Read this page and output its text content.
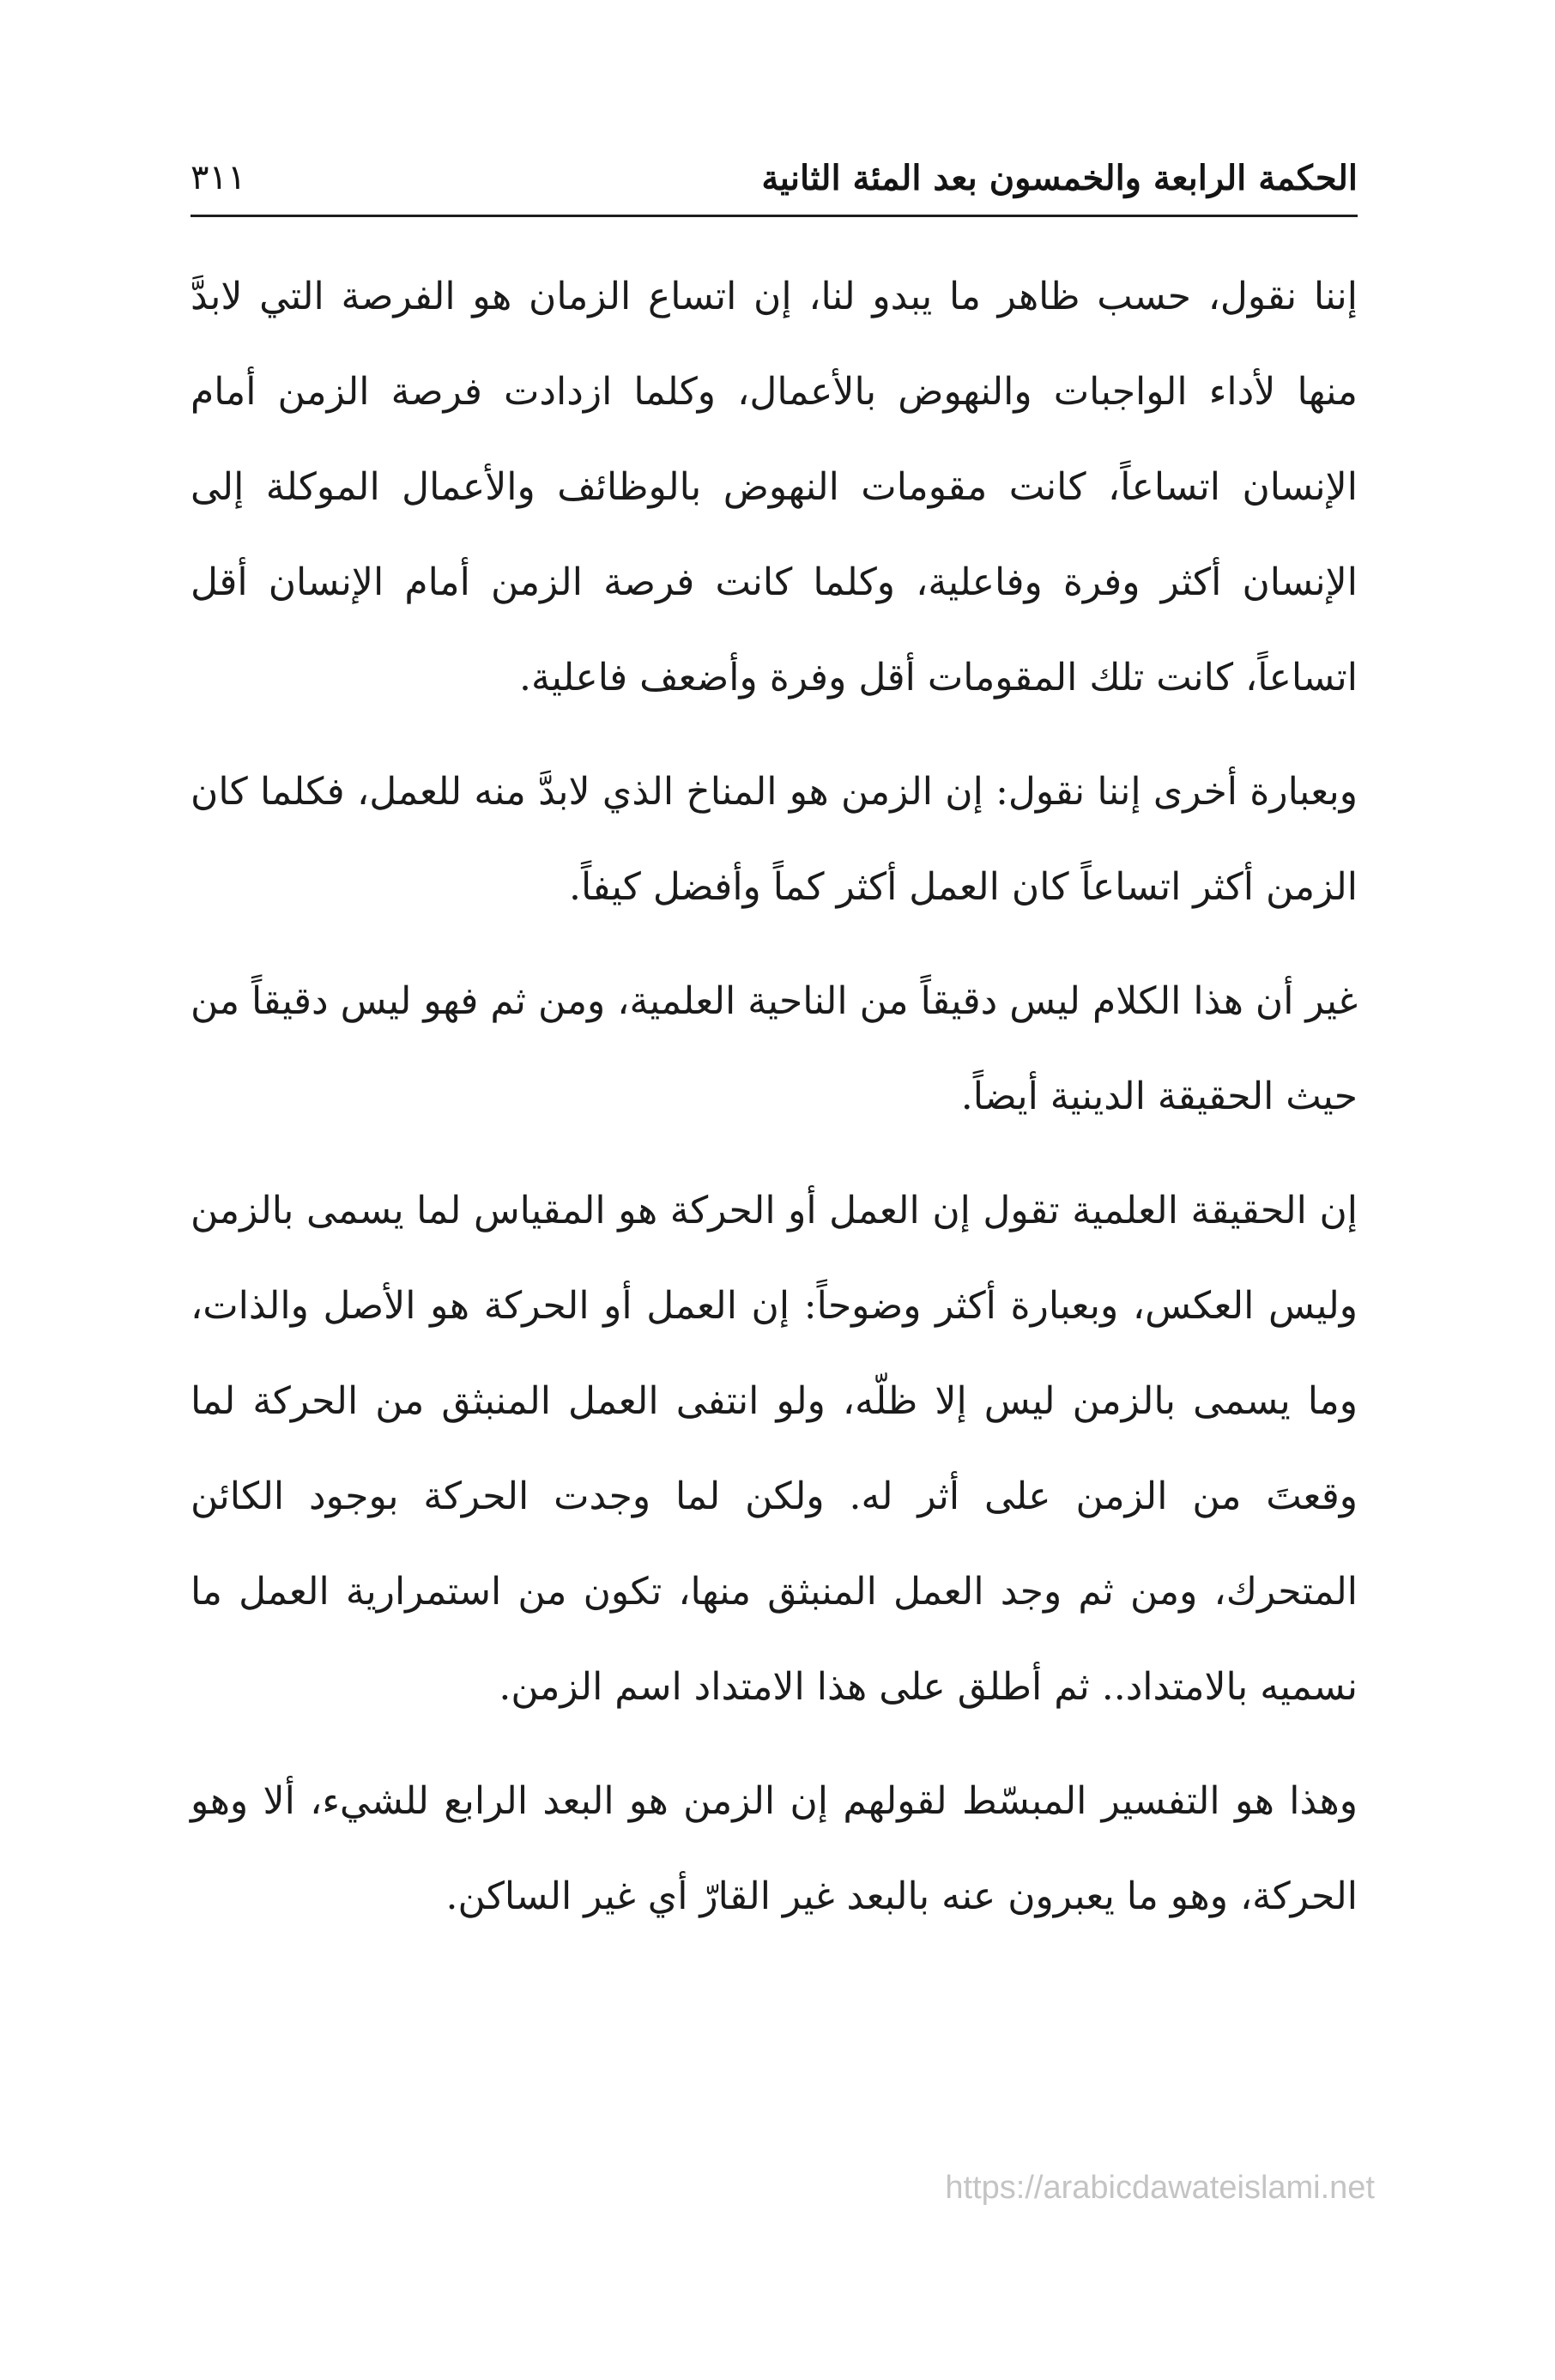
الحكمة الرابعة والخمسون بعد المئة الثانية
٣١١

إننا نقول، حسب ظاهر ما يبدو لنا، إن اتساع الزمان هو الفرصة التي لابدَّ منها لأداء الواجبات والنهوض بالأعمال، وكلما ازدادت فرصة الزمن أمام الإنسان اتساعاً، كانت مقومات النهوض بالوظائف والأعمال الموكلة إلى الإنسان أكثر وفرة وفاعلية، وكلما كانت فرصة الزمن أمام الإنسان أقل اتساعاً، كانت تلك المقومات أقل وفرة وأضعف فاعلية.

وبعبارة أخرى إننا نقول: إن الزمن هو المناخ الذي لابدَّ منه للعمل، فكلما كان الزمن أكثر اتساعاً كان العمل أكثر كماً وأفضل كيفاً.

غير أن هذا الكلام ليس دقيقاً من الناحية العلمية، ومن ثم فهو ليس دقيقاً من حيث الحقيقة الدينية أيضاً.

إن الحقيقة العلمية تقول إن العمل أو الحركة هو المقياس لما يسمى بالزمن وليس العكس، وبعبارة أكثر وضوحاً: إن العمل أو الحركة هو الأصل والذات، وما يسمى بالزمن ليس إلا ظلّه، ولو انتفى العمل المنبثق من الحركة لما وقعتَ من الزمن على أثر له. ولكن لما وجدت الحركة بوجود الكائن المتحرك، ومن ثم وجد العمل المنبثق منها، تكون من استمرارية العمل ما نسميه بالامتداد.. ثم أطلق على هذا الامتداد اسم الزمن.

وهذا هو التفسير المبسّط لقولهم إن الزمن هو البعد الرابع للشيء، ألا وهو الحركة، وهو ما يعبرون عنه بالبعد غير القارّ أي غير الساكن.

https://arabicdawateislami.net
